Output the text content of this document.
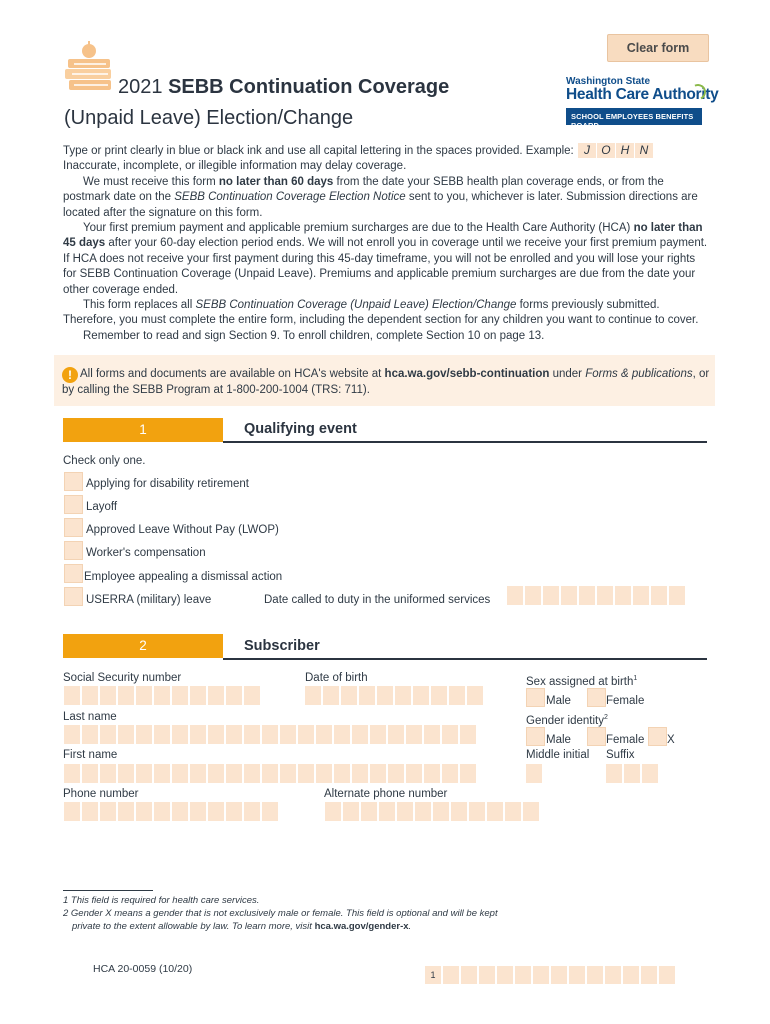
Clear form
2021 SEBB Continuation Coverage
(Unpaid Leave) Election/Change
Washington State
Health Care Authority
SCHOOL EMPLOYEES BENEFITS BOARD

Type or print clearly in blue or black ink and use all capital lettering in the spaces provided. Example: J O H N

Inaccurate, incomplete, or illegible information may delay coverage.

We must receive this form no later than 60 days from the date your SEBB health plan coverage ends, or from the postmark date on the SEBB Continuation Coverage Election Notice sent to you, whichever is later. Submission directions are located after the signature on this form.

Your first premium payment and applicable premium surcharges are due to the Health Care Authority (HCA) no later than 45 days after your 60-day election period ends. We will not enroll you in coverage until we receive your first premium payment. If HCA does not receive your first payment during this 45-day timeframe, you will not be enrolled and you will lose your rights for SEBB Continuation Coverage (Unpaid Leave). Premiums and applicable premium surcharges are due from the date your other coverage ended.

This form replaces all SEBB Continuation Coverage (Unpaid Leave) Election/Change forms previously submitted. Therefore, you must complete the entire form, including the dependent section for any children you want to continue to cover.

Remember to read and sign Section 9. To enroll children, complete Section 10 on page 13.

! All forms and documents are available on HCA's website at hca.wa.gov/sebb-continuation under Forms & publications, or by calling the SEBB Program at 1-800-200-1004 (TRS: 711).
1	Qualifying event
Check only one.
Applying for disability retirement
Layoff
Approved Leave Without Pay (LWOP)
Worker's compensation
Employee appealing a dismissal action
USERRA (military) leave	Date called to duty in the uniformed services
2	Subscriber
Social Security number	Date of birth	Sex assigned at birth$^1$
Male	Female
Last name	Gender identity$^2$
Male	Female X
First name	Middle initial Suffix
Phone number	Alternate phone number
1 This field is required for health care services.
2 Gender X means a gender that is not exclusively male or female. This field is optional and will be kept
private to the extent allowable by law. To learn more, visit hca.wa.gov/gender-x.
HCA 20-0059 (10/20)	1
